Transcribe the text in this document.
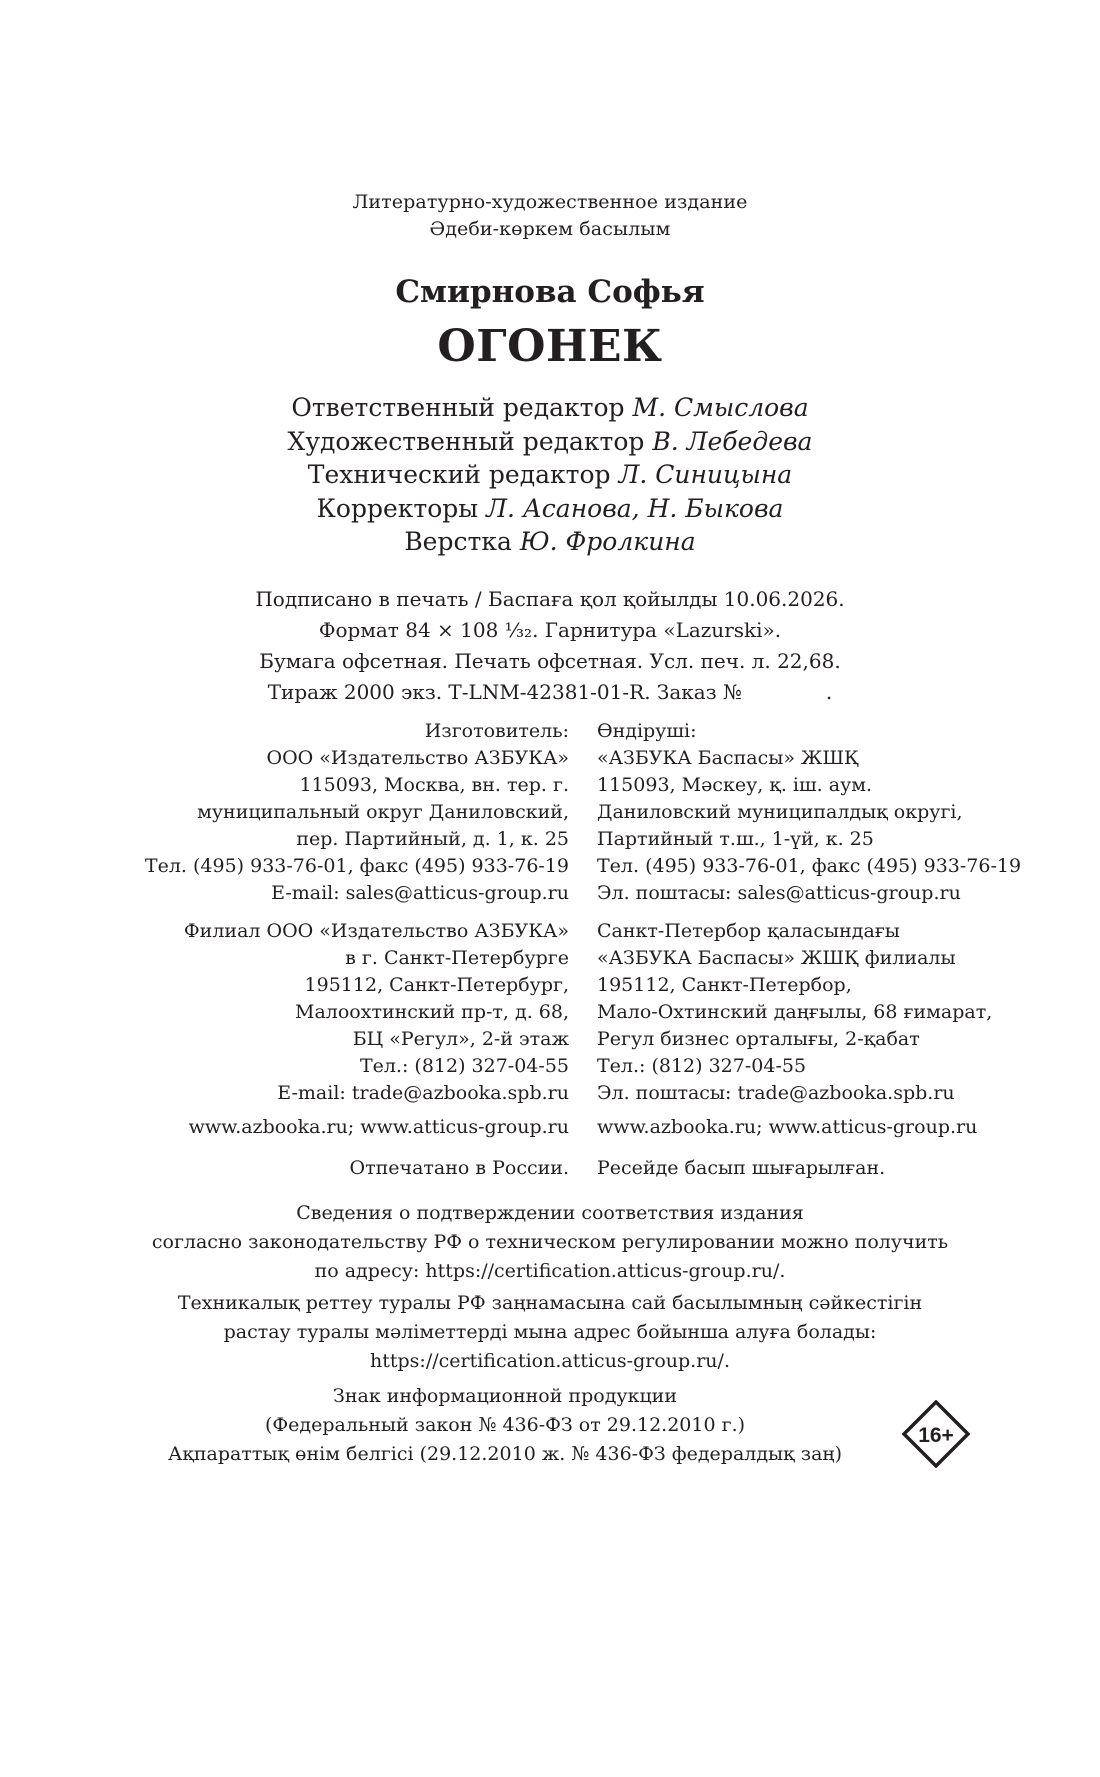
Литературно-художественное издание
Әдеби-көркем басылым
Смирнова Софья
ОГОНЕК
Ответственный редактор М. Смыслова
Художественный редактор В. Лебедева
Технический редактор Л. Синицына
Корректоры Л. Асанова, Н. Быкова
Верстка Ю. Фролкина
Подписано в печать / Баспаға қол қойылды 10.06.2026.
Формат 84 × 108 ¹⁄₃₂. Гарнитура «Lazurski».
Бумага офсетная. Печать офсетная. Усл. печ. л. 22,68.
Тираж 2000 экз. Т-LNM-42381-01-R. Заказ №	.
Изготовитель:
ООО «Издательство АЗБУКА»
115093, Москва, вн. тер. г.
муниципальный округ Даниловский,
пер. Партийный, д. 1, к. 25
Тел. (495) 933-76-01, факс (495) 933-76-19
E-mail: sales@atticus-group.ru
Өндіруші:
«АЗБУКА Баспасы» ЖШҚ
115093, Мәскеу, қ. іш. аум.
Даниловский муниципалдық округі,
Партийный т.ш., 1-үй, к. 25
Тел. (495) 933-76-01, факс (495) 933-76-19
Эл. поштасы: sales@atticus-group.ru
Филиал ООО «Издательство АЗБУКА»
в г. Санкт-Петербурге
195112, Санкт-Петербург,
Малоохтинский пр-т, д. 68,
БЦ «Регул», 2-й этаж
Тел.: (812) 327-04-55
E-mail: trade@azbooka.spb.ru
Санкт-Петербор қаласындағы
«АЗБУКА Баспасы» ЖШҚ филиалы
195112, Санкт-Петербор,
Мало-Охтинский даңғылы, 68 ғимарат,
Регул бизнес орталығы, 2-қабат
Тел.: (812) 327-04-55
Эл. поштасы: trade@azbooka.spb.ru
www.azbooka.ru; www.atticus-group.ru www.azbooka.ru; www.atticus-group.ru
Отпечатано в России. Ресейде басып шығарылған.
Сведения о подтверждении соответствия издания
согласно законодательству РФ о техническом регулировании можно получить
по адресу: https://certification.atticus-group.ru/.
Техникалық реттеу туралы РФ заңнамасына сай басылымның сәйкестігін
растау туралы мәліметтерді мына адрес бойынша алуға болады:
https://certification.atticus-group.ru/.
Знак информационной продукции
(Федеральный закон № 436-ФЗ от 29.12.2010 г.)
Ақпараттық өнім белгісі (29.12.2010 ж. № 436-ФЗ федералдық заң)
16+
